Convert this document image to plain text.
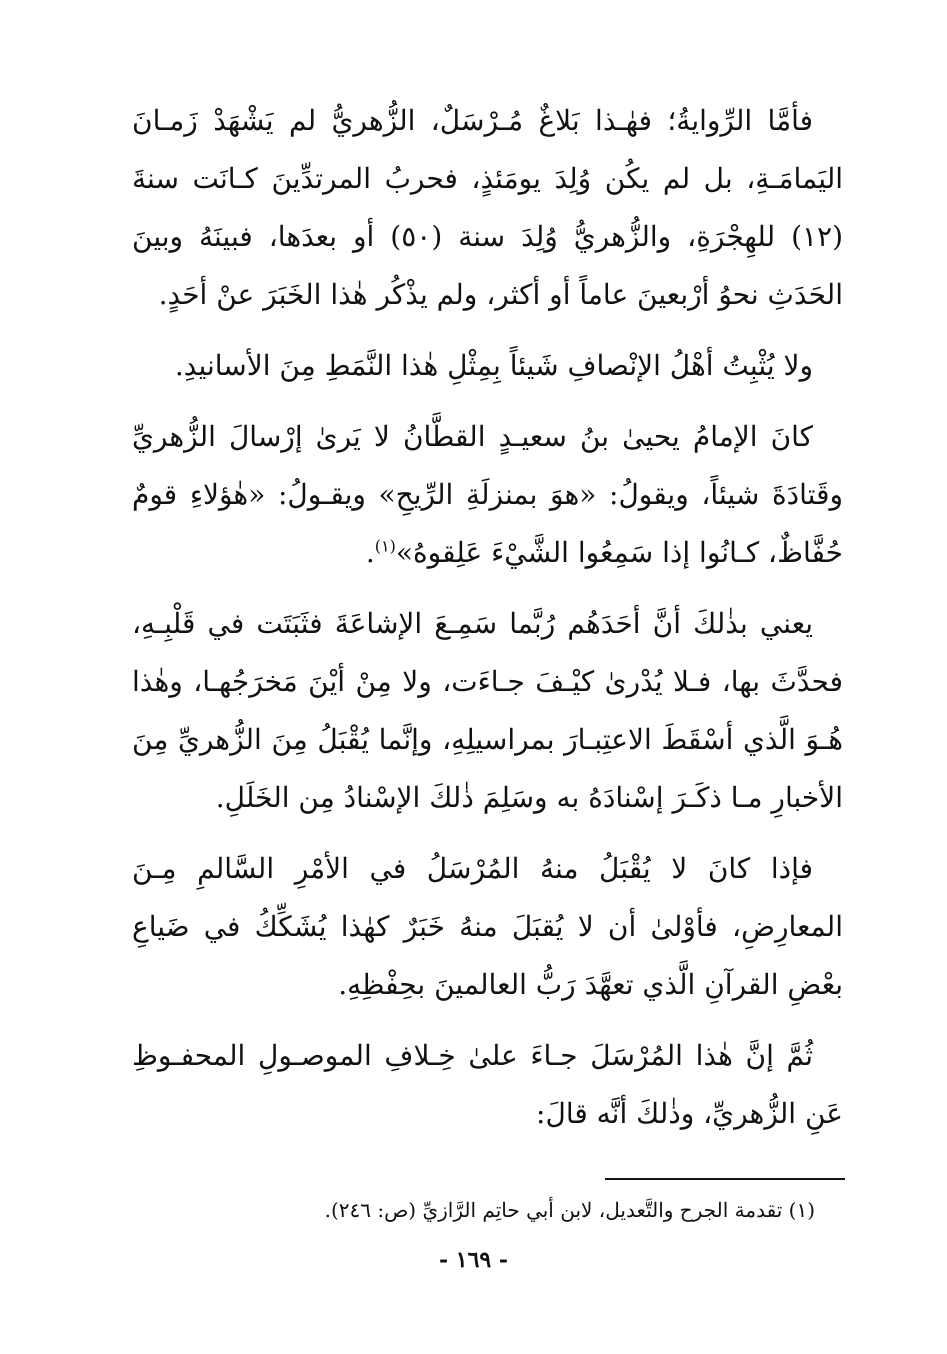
فأمَّا الرِّوايةُ؛ فهٰـذا بَلاغٌ مُـرْسَلٌ، الزُّهريُّ لم يَشْهَدْ زَمـانَ اليَمامَـةِ، بل لم يكُن وُلِدَ يومَئذٍ، فحربُ المرتدِّينَ كـانَت سنةَ (١٢) للهِجْرَةِ، والزُّهريُّ وُلِدَ سنة (٥٠) أو بعدَها، فبينَهُ وبينَ الحَدَثِ نحوُ أرْبعينَ عاماً أو أكثر، ولم يذْكُر هٰذا الخَبَرَ عنْ أحَدٍ.

ولا يُثْبِتُ أهْلُ الإنْصافِ شَيئاً بِمِثْلِ هٰذا النَّمَطِ مِنَ الأسانيدِ.

كانَ الإمامُ يحيىٰ بنُ سعيـدٍ القطَّانُ لا يَرىٰ إرْسالَ الزُّهريِّ وقَتادَةَ شيئاً، ويقولُ: «هوَ بمنزلَةِ الرِّيحِ» ويقـولُ: «هٰؤلاءِ قومٌ حُفَّاظٌ، كـانُوا إذا سَمِعُوا الشَّيْءَ عَلِقوهُ»$^{(١)}$.

يعني بذٰلكَ أنَّ أحَدَهُم رُبَّما سَمِـعَ الإشاعَةَ فثَبَتَت في قَلْبِـهِ، فحدَّثَ بها، فـلا يُدْرىٰ كيْـفَ جـاءَت، ولا مِنْ أيْنَ مَخرَجُهـا، وهٰذا هُـوَ الَّذي أسْقَطَ الاعتِبـارَ بمراسيلِهِ، وإنَّما يُقْبَلُ مِنَ الزُّهريِّ مِنَ الأخبارِ مـا ذكَـرَ إسْنادَهُ به وسَلِمَ ذٰلكَ الإسْنادُ مِن الخَلَلِ.

فإذا كانَ لا يُقْبَلُ منهُ المُرْسَلُ في الأمْرِ السَّالمِ مِـنَ المعارِضِ، فأوْلىٰ أن لا يُقبَلَ منهُ خَبَرٌ كهٰذا يُشَكِّكُ في ضَياعِ بعْضِ القرآنِ الَّذي تعهَّدَ رَبُّ العالمينَ بحِفْظِهِ.

ثُمَّ إنَّ هٰذا المُرْسَلَ جـاءَ علىٰ خِـلافِ الموصـولِ المحفـوظِ عَنِ الزُّهريِّ، وذٰلكَ أنَّه قالَ:

(١) تقدمة الجرح والتَّعديل، لابن أبي حاتِم الرَّازيِّ (ص: ٢٤٦).
- ١٦٩ -
